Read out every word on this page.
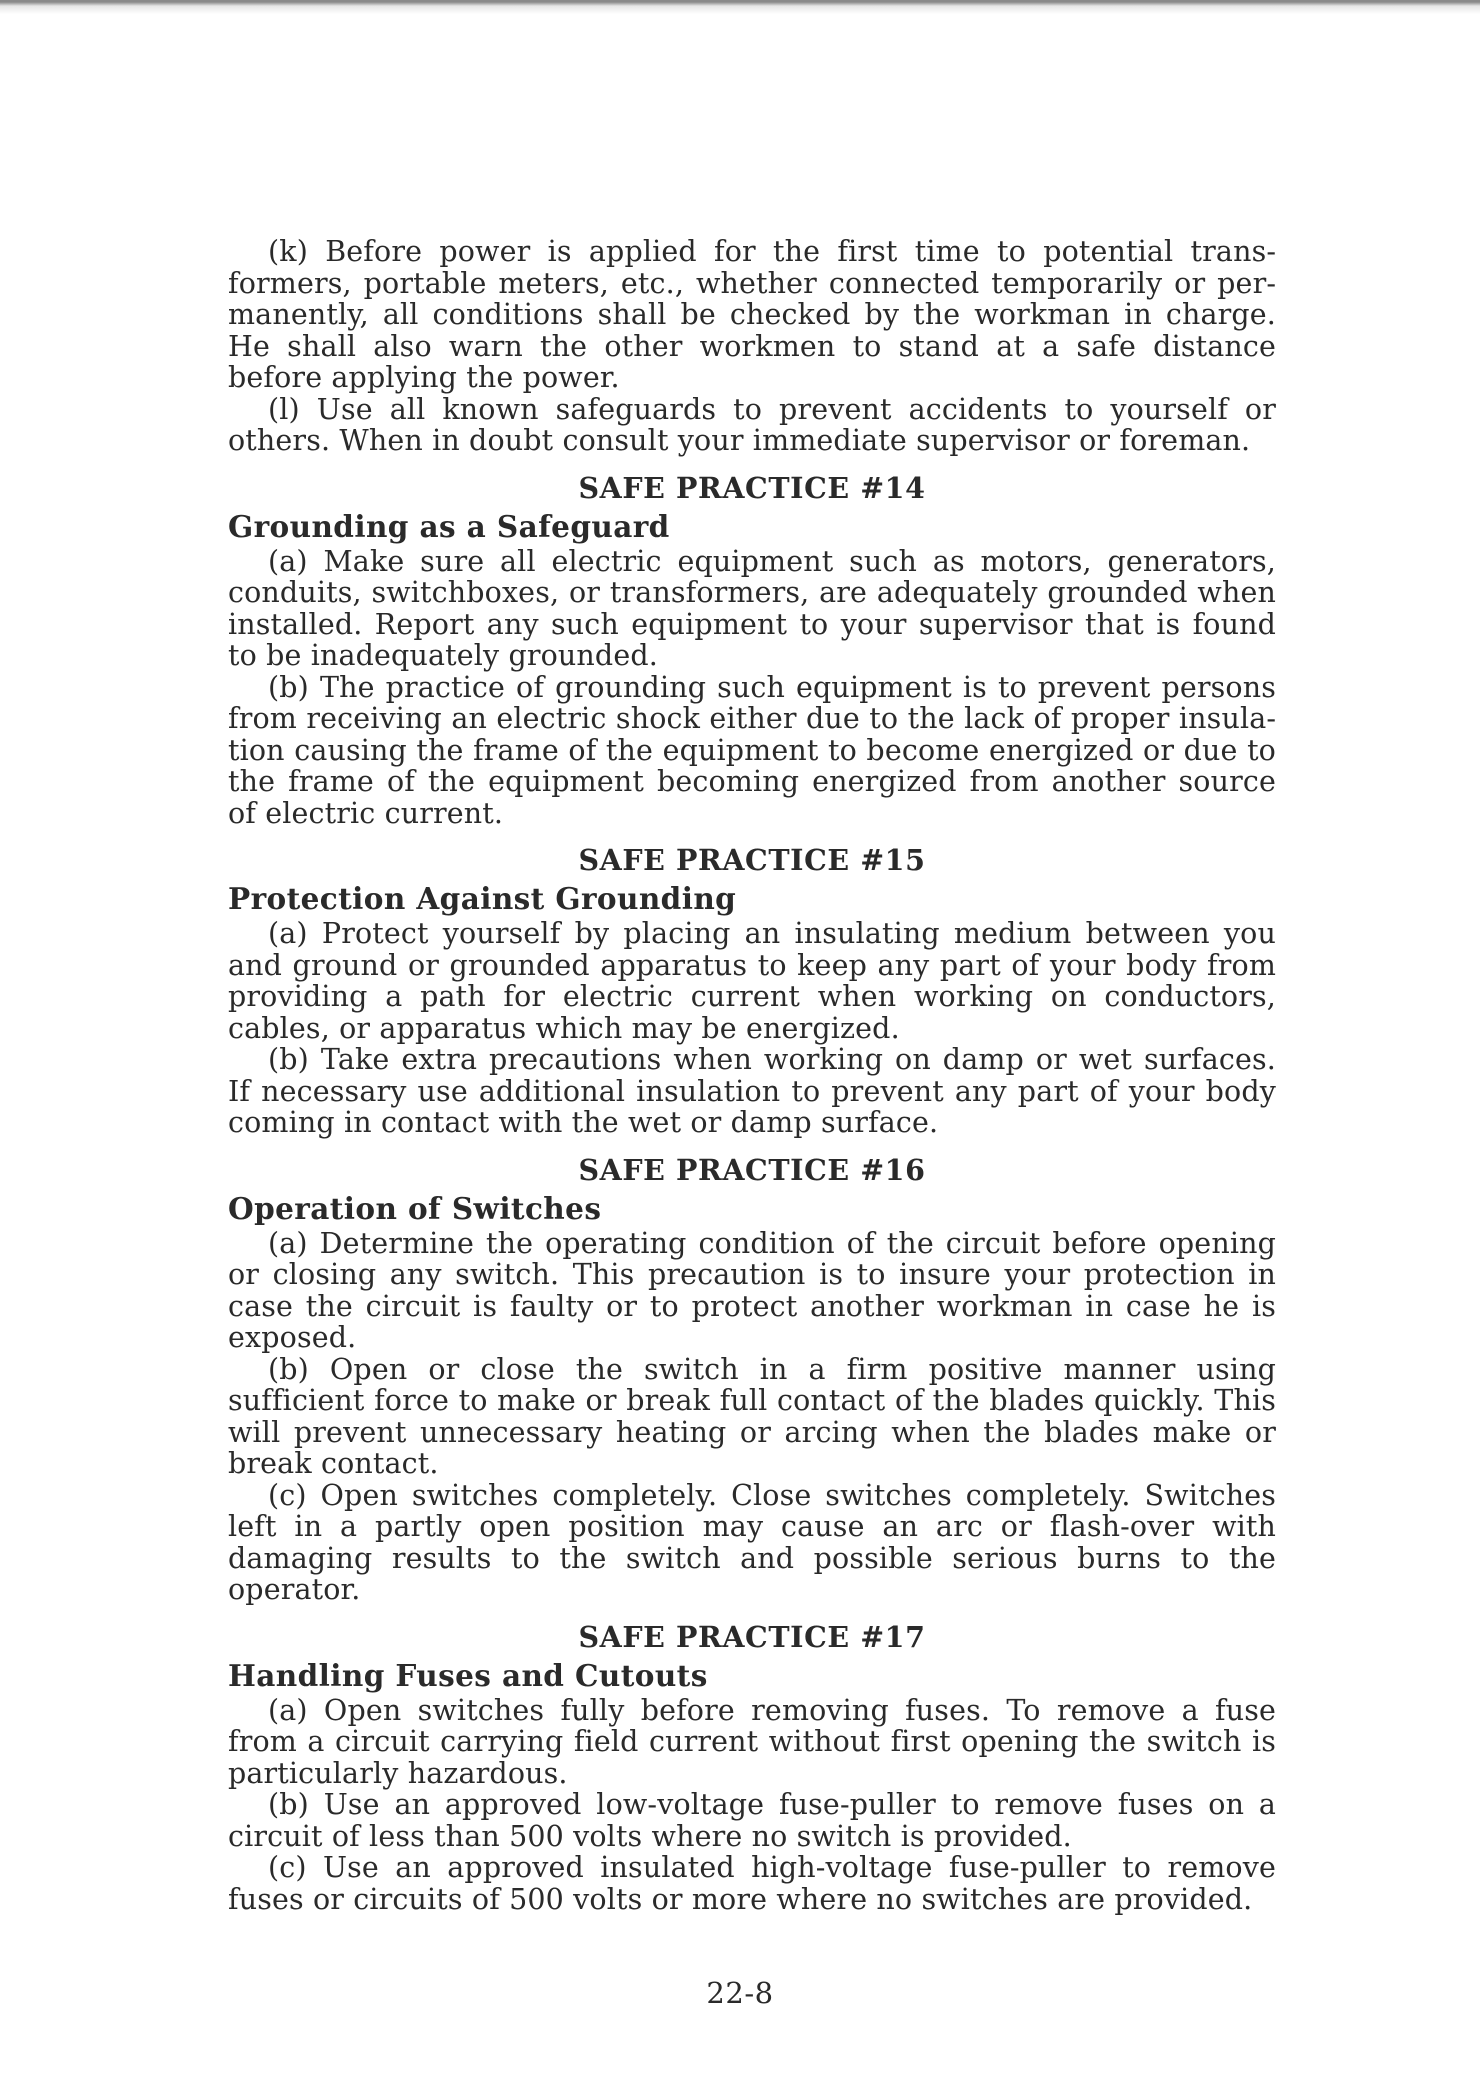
(k) Before power is applied for the first time to potential transformers, portable meters, etc., whether connected temporarily or permanently, all conditions shall be checked by the workman in charge. He shall also warn the other workmen to stand at a safe distance before applying the power.

(l) Use all known safeguards to prevent accidents to yourself or others. When in doubt consult your immediate supervisor or foreman.

SAFE PRACTICE #14
Grounding as a Safeguard

(a) Make sure all electric equipment such as motors, generators, conduits, switchboxes, or transformers, are adequately grounded when installed. Report any such equipment to your supervisor that is found to be inadequately grounded.

(b) The practice of grounding such equipment is to prevent persons from receiving an electric shock either due to the lack of proper insulation causing the frame of the equipment to become energized or due to the frame of the equipment becoming energized from another source of electric current.

SAFE PRACTICE #15
Protection Against Grounding

(a) Protect yourself by placing an insulating medium between you and ground or grounded apparatus to keep any part of your body from providing a path for electric current when working on conductors, cables, or apparatus which may be energized.

(b) Take extra precautions when working on damp or wet surfaces. If necessary use additional insulation to prevent any part of your body coming in contact with the wet or damp surface.

SAFE PRACTICE #16
Operation of Switches

(a) Determine the operating condition of the circuit before opening or closing any switch. This precaution is to insure your protection in case the circuit is faulty or to protect another workman in case he is exposed.

(b) Open or close the switch in a firm positive manner using sufficient force to make or break full contact of the blades quickly. This will prevent unnecessary heating or arcing when the blades make or break contact.

(c) Open switches completely. Close switches completely. Switches left in a partly open position may cause an arc or flash-over with damaging results to the switch and possible serious burns to the operator.

SAFE PRACTICE #17
Handling Fuses and Cutouts

(a) Open switches fully before removing fuses. To remove a fuse from a circuit carrying field current without first opening the switch is particularly hazardous.

(b) Use an approved low-voltage fuse-puller to remove fuses on a circuit of less than 500 volts where no switch is provided.

(c) Use an approved insulated high-voltage fuse-puller to remove fuses or circuits of 500 volts or more where no switches are provided.

22-8
